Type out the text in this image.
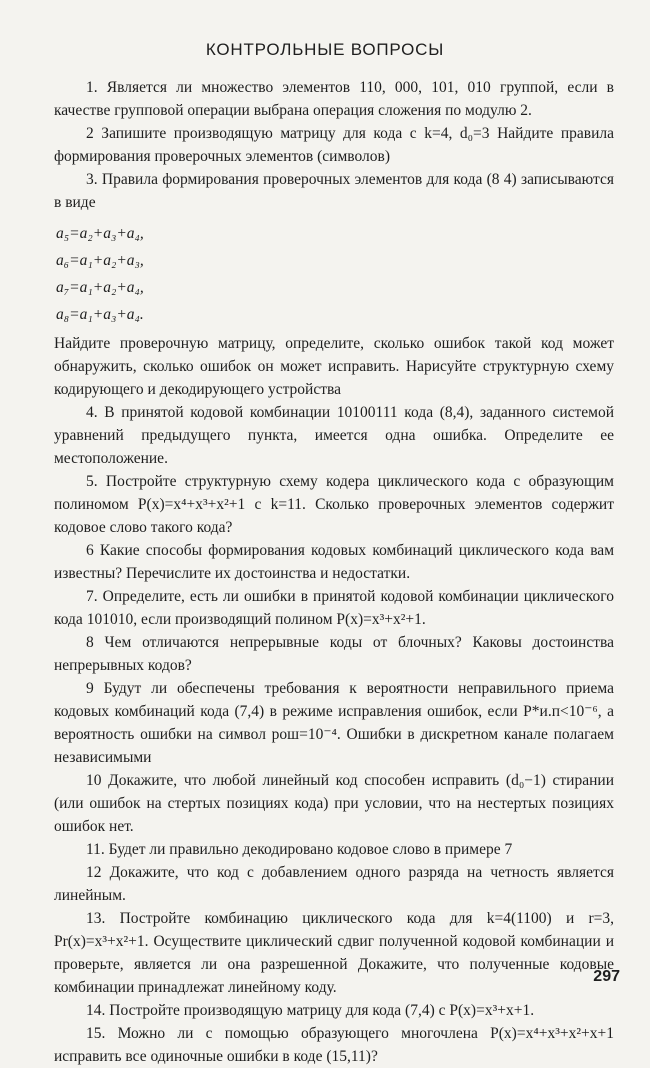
КОНТРОЛЬНЫЕ ВОПРОСЫ

1. Является ли множество элементов 110, 000, 101, 010 группой, если в качестве групповой операции выбрана операция сложения по модулю 2.

2 Запишите производящую матрицу для кода с k=4, d₀=3 Найдите правила формирования проверочных элементов (символов)

3. Правила формирования проверочных элементов для кода (8 4) записываются в виде

a₅=a₂+a₃+a₄,
a₆=a₁+a₂+a₃,
a₇=a₁+a₂+a₄,
a₈=a₁+a₃+a₄.

Найдите проверочную матрицу, определите, сколько ошибок такой код может обнаружить, сколько ошибок он может исправить. Нарисуйте структурную схему кодирующего и декодирующего устройства

4. В принятой кодовой комбинации 10100111 кода (8,4), заданного системой уравнений предыдущего пункта, имеется одна ошибка. Определите ее местоположение.

5. Постройте структурную схему кодера циклического кода с образующим полиномом P(x)=x⁴+x³+x²+1 с k=11. Сколько проверочных элементов содержит кодовое слово такого кода?

6 Какие способы формирования кодовых комбинаций циклического кода вам известны? Перечислите их достоинства и недостатки.

7. Определите, есть ли ошибки в принятой кодовой комбинации циклического кода 101010, если производящий полином P(x)=x³+x²+1.

8 Чем отличаются непрерывные коды от блочных? Каковы достоинства непрерывных кодов?

9 Будут ли обеспечены требования к вероятности неправильного приема кодовых комбинаций кода (7,4) в режиме исправления ошибок, если P*и.п<10⁻⁶, а вероятность ошибки на символ pош=10⁻⁴. Ошибки в дискретном канале полагаем независимыми

10 Докажите, что любой линейный код способен исправить (d₀−1) стирании (или ошибок на стертых позициях кода) при условии, что на нестертых позициях ошибок нет.

11. Будет ли правильно декодировано кодовое слово в примере 7

12 Докажите, что код с добавлением одного разряда на четность является линейным.

13. Постройте комбинацию циклического кода для k=4(1100) и r=3, Pr(x)=x³+x²+1. Осуществите циклический сдвиг полученной кодовой комбинации и проверьте, является ли она разрешенной Докажите, что полученные кодовые комбинации принадлежат линейному коду.

14. Постройте производящую матрицу для кода (7,4) с P(x)=x³+x+1.

15. Можно ли с помощью образующего многочлена P(x)=x⁴+x³+x²+x+1 исправить все одиночные ошибки в коде (15,11)?

297
